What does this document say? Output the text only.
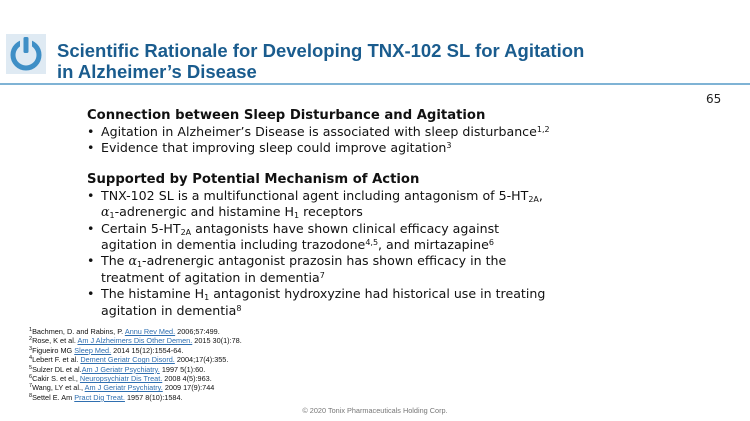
Scientific Rationale for Developing TNX-102 SL for Agitation
in Alzheimer’s Disease
65
Connection between Sleep Disturbance and Agitation
• Agitation in Alzheimer’s Disease is associated with sleep disturbance$^{1,2}$
• Evidence that improving sleep could improve agitation$^3$
Supported by Potential Mechanism of Action
• TNX-102 SL is a multifunctional agent including antagonism of $5-HT_{2A}$,
$\alpha_1$-adrenergic and histamine $H_1$ receptors
• Certain $5-HT_{2A}$ antagonists have shown clinical efficacy against
agitation in dementia including trazodone$^{4,5}$, and mirtazapine$^6$
• The $\alpha_1$-adrenergic antagonist prazosin has shown efficacy in the
treatment of agitation in dementia$^7$
• The histamine $H_1$ antagonist hydroxyzine had historical use in treating
agitation in dementia$^8$
$^1$Bachmen, D. and Rabins, P. Annu Rev Med. 2006;57:499.
$^2$Rose, K et al. Am J Alzheimers Dis Other Demen. 2015 30(1):78.
$^3$Figueiro MG Sleep Med. 2014 15(12):1554-64.
$^4$Lebert F. et al. Dement Geriatr Cogn Disord. 2004;17(4):355.
$^5$Sulzer DL et al.Am J Geriatr Psychiatry. 1997 5(1):60.
$^6$Cakir S. et el., Neuropsychiatr Dis Treat. 2008 4(5):963.
$^7$Wang, LY et al., Am J Geriatr Psychiatry. 2009 17(9):744
$^8$Settel E. Am Pract Dig Treat. 1957 8(10):1584.
© 2020 Tonix Pharmaceuticals Holding Corp.
